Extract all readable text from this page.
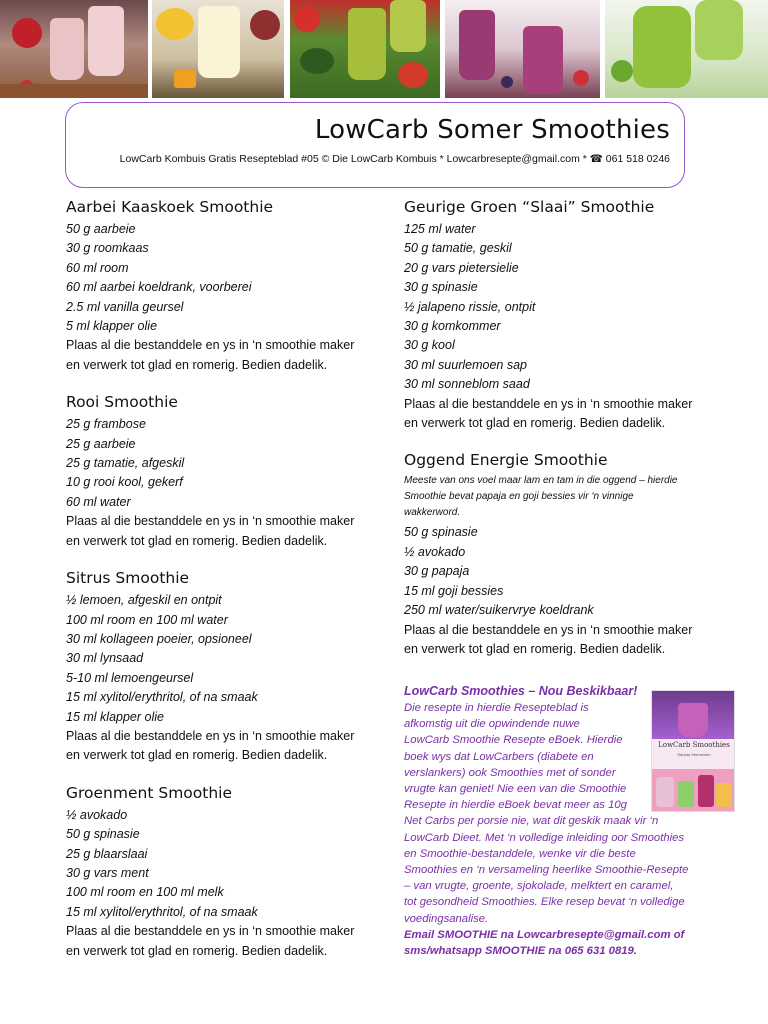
LowCarb Somer Smoothies
LowCarb Kombuis Gratis Resepteblad #05 © Die LowCarb Kombuis * Lowcarbresepte@gmail.com * ☎ 061 518 0246
Aarbei Kaaskoek Smoothie
50 g aarbeie
30 g roomkaas
60 ml room
60 ml aarbei koeldrank, voorberei
2.5 ml vanilla geursel
5 ml klapper olie
Plaas al die bestanddele en ys in ‘n smoothie maker
en verwerk tot glad en romerig. Bedien dadelik.
Rooi Smoothie
25 g frambose
25 g aarbeie
25 g tamatie, afgeskil
10 g rooi kool, gekerf
60 ml water
Plaas al die bestanddele en ys in ‘n smoothie maker
en verwerk tot glad en romerig. Bedien dadelik.
Sitrus Smoothie
½ lemoen, afgeskil en ontpit
100 ml room en 100 ml water
30 ml kollageen poeier, opsioneel
30 ml lynsaad
5-10 ml lemoengeursel
15 ml xylitol/erythritol, of na smaak
15 ml klapper olie
Plaas al die bestanddele en ys in ‘n smoothie maker
en verwerk tot glad en romerig. Bedien dadelik.
Groenment Smoothie
½ avokado
50 g spinasie
25 g blaarslaai
30 g vars ment
100 ml room en 100 ml melk
15 ml xylitol/erythritol, of na smaak
Plaas al die bestanddele en ys in ‘n smoothie maker
en verwerk tot glad en romerig. Bedien dadelik.
Geurige Groen “Slaai” Smoothie
125 ml water
50 g tamatie, geskil
20 g vars pietersielie
30 g spinasie
½ jalapeno rissie, ontpit
30 g komkommer
30 g kool
30 ml suurlemoen sap
30 ml sonneblom saad
Plaas al die bestanddele en ys in ‘n smoothie maker
en verwerk tot glad en romerig. Bedien dadelik.
Oggend Energie Smoothie
Meeste van ons voel maar lam en tam in die oggend – hierdie
Smoothie bevat papaja en goji bessies vir ‘n vinnige
wakkerword.
50 g spinasie
½ avokado
30 g papaja
15 ml goji bessies
250 ml water/suikervrye koeldrank
Plaas al die bestanddele en ys in ‘n smoothie maker
en verwerk tot glad en romerig. Bedien dadelik.
LowCarb Smoothies – Nou Beskikbaar!
Die resepte in hierdie Resepteblad is
afkomstig uit die opwindende nuwe
LowCarb Smoothie Resepte eBoek. Hierdie
boek wys dat LowCarbers (diabete en
verslankers) ook Smoothies met of sonder
vrugte kan geniet! Nie een van die Smoothie
Resepte in hierdie eBoek bevat meer as 10g
Net Carbs per porsie nie, wat dit geskik maak vir ‘n
LowCarb Dieet. Met ‘n volledige inleiding oor Smoothies
en Smoothie-bestanddele, wenke vir die beste
Smoothies en ‘n versameling heerlike Smoothie-Resepte
– van vrugte, groente, sjokolade, melktert en caramel,
tot gesondheid Smoothies. Elke resep bevat ‘n volledige
voedingsanalise.
Email SMOOTHIE na Lowcarbresepte@gmail.com of
sms/whatsapp SMOOTHIE na 065 631 0819.
LowCarb Smoothies
Sandra Vermeulen
